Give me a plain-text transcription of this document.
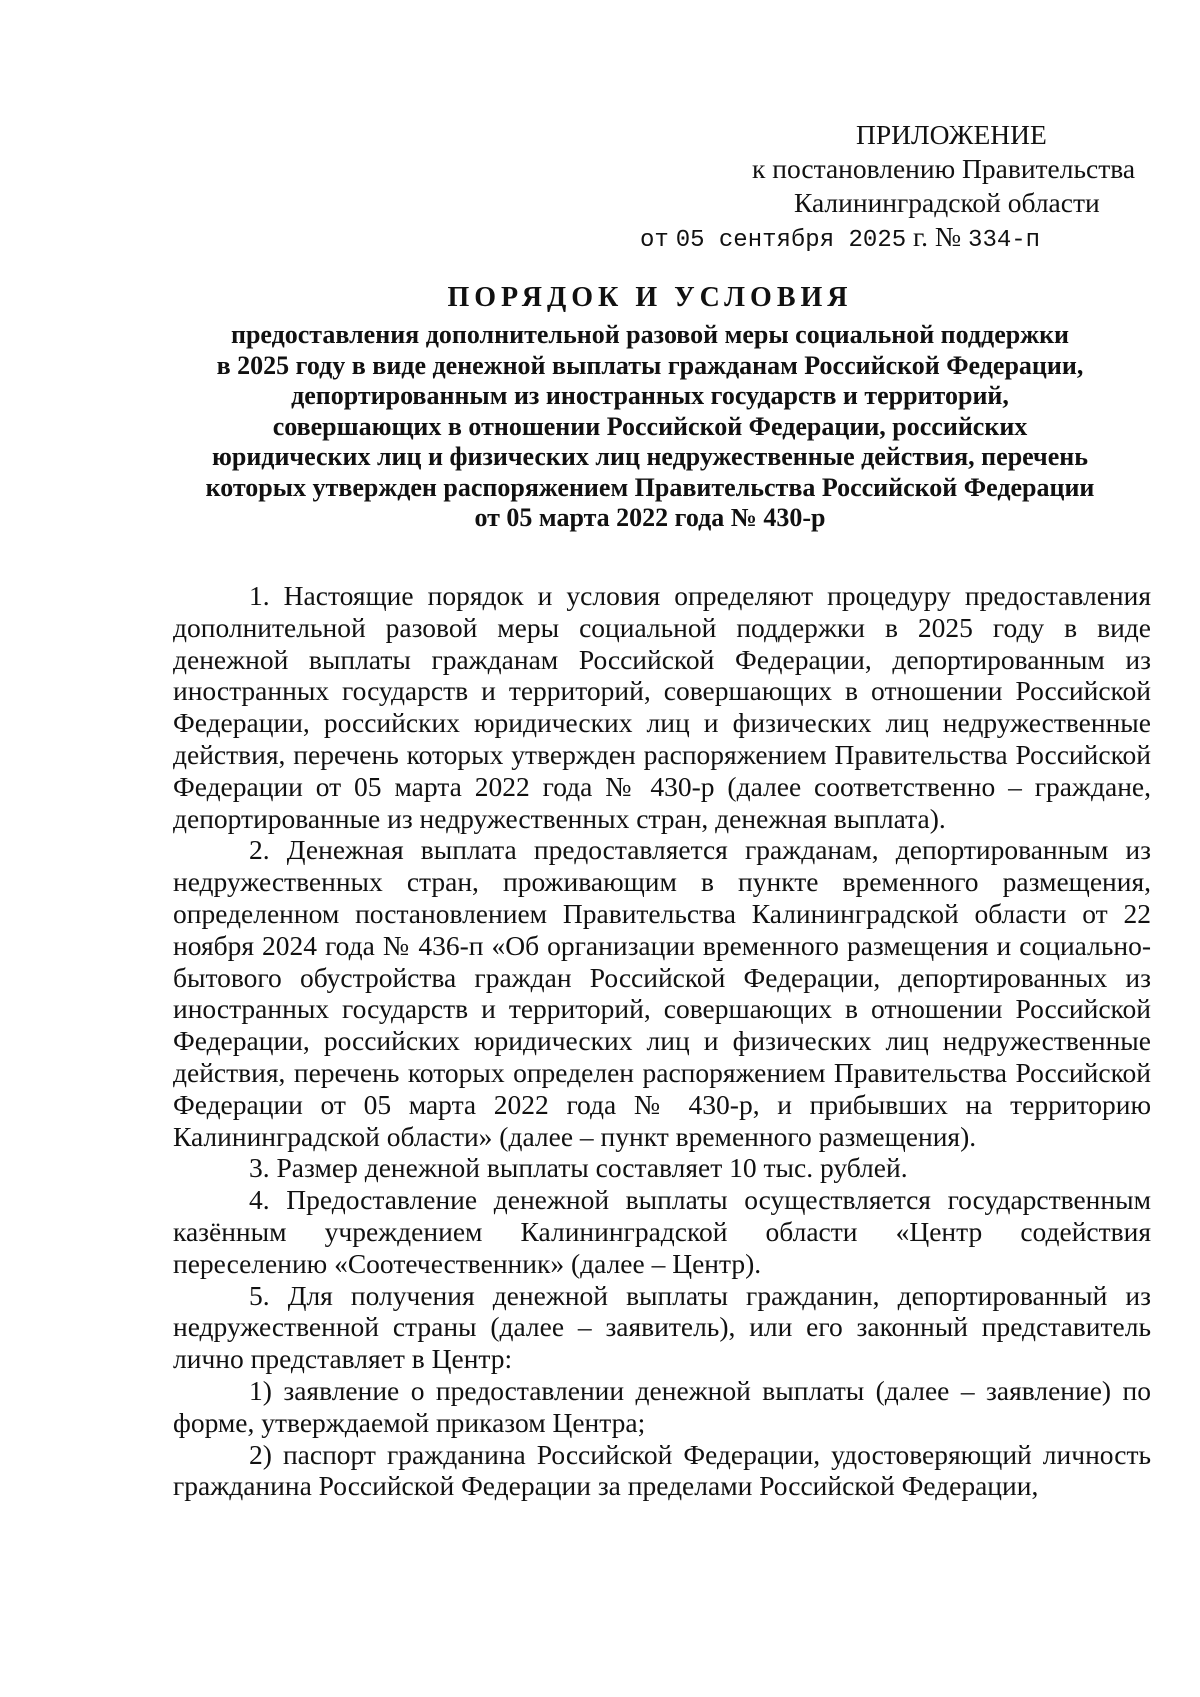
ПРИЛОЖЕНИЕ
к постановлению Правительства
Калининградской области
от 05 сентября 2025 г. № 334-п
ПОРЯДОК И УСЛОВИЯ
предоставления дополнительной разовой меры социальной поддержки
в 2025 году в виде денежной выплаты гражданам Российской Федерации,
депортированным из иностранных государств и территорий,
совершающих в отношении Российской Федерации, российских
юридических лиц и физических лиц недружественные действия, перечень
которых утвержден распоряжением Правительства Российской Федерации
от 05 марта 2022 года № 430-р

1. Настоящие порядок и условия определяют процедуру предоставления дополнительной разовой меры социальной поддержки в 2025 году в виде денежной выплаты гражданам Российской Федерации, депортированным из иностранных государств и территорий, совершающих в отношении Российской Федерации, российских юридических лиц и физических лиц недружественные действия, перечень которых утвержден распоряжением Правительства Российской Федерации от 05 марта 2022 года № 430-р (далее соответственно – граждане, депортированные из недружественных стран, денежная выплата).

2. Денежная выплата предоставляется гражданам, депортированным из недружественных стран, проживающим в пункте временного размещения, определенном постановлением Правительства Калининградской области от 22 ноября 2024 года № 436-п «Об организации временного размещения и социально-бытового обустройства граждан Российской Федерации, депортированных из иностранных государств и территорий, совершающих в отношении Российской Федерации, российских юридических лиц и физических лиц недружественные действия, перечень которых определен распоряжением Правительства Российской Федерации от 05 марта 2022 года № 430-р, и прибывших на территорию Калининградской области» (далее – пункт временного размещения).

3. Размер денежной выплаты составляет 10 тыс. рублей.

4. Предоставление денежной выплаты осуществляется государственным казённым учреждением Калининградской области «Центр содействия переселению «Соотечественник» (далее – Центр).

5. Для получения денежной выплаты гражданин, депортированный из недружественной страны (далее – заявитель), или его законный представитель лично представляет в Центр:

1) заявление о предоставлении денежной выплаты (далее – заявление) по форме, утверждаемой приказом Центра;

2) паспорт гражданина Российской Федерации, удостоверяющий личность гражданина Российской Федерации за пределами Российской Федерации,
